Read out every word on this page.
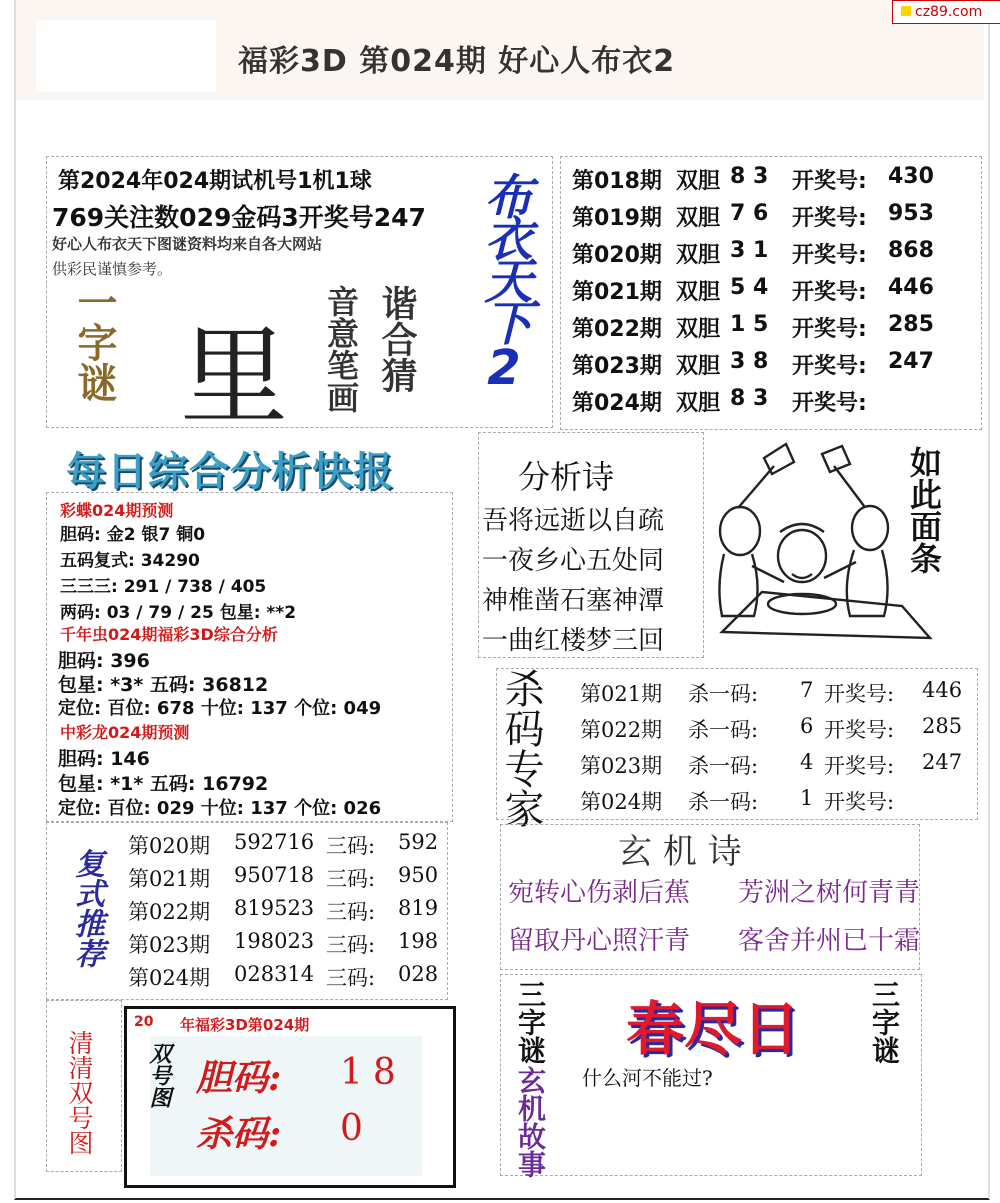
福彩3D 第024期 好心人布衣2
cz89.com
第2024年024期试机号1机1球
769关注数029金码3开奖号247
好心人布衣天下图谜资料均来自各大网站
供彩民谨慎参考。
一字谜 里 谐合猜
音意笔画 布衣天下2	第018期 双胆 8 3 开奖号: 430
第019期 双胆 7 6 开奖号: 953
第020期 双胆 3 1 开奖号: 868
第021期 双胆 5 4 开奖号: 446
第022期 双胆 1 5 开奖号: 285
第023期 双胆 3 8 开奖号: 247
第024期 双胆 8 3 开奖号:
每日综合分析快报
彩蝶024期预测
胆码: 金2 银7 铜0
五码复式: 34290
三三三: 291 / 738 / 405
两码: 03 / 79 / 25 包星: **2
千年虫024期福彩3D综合分析
胆码: 396
包星: *3* 五码: 36812
定位: 百位: 678 十位: 137 个位: 049
中彩龙024期预测
胆码: 146
包星: *1* 五码: 16792
定位: 百位: 029 十位: 137 个位: 026
分析诗
吾将远逝以自疏
一夜乡心五处同
神椎凿石塞神潭
一曲红楼梦三回
如此面条
杀码专家 第021期 杀一码: 7 开奖号: 446
第022期 杀一码: 6 开奖号: 285
第023期 杀一码: 4 开奖号: 247
第024期 杀一码: 1 开奖号:
复式推荐
第020期 592716 三码: 592
第021期 950718 三码: 950
第022期 819523 三码: 819
第023期 198023 三码: 198
第024期 028314 三码: 028
玄 机 诗
宛转心伤剥后蕉
留取丹心照汗青
芳洲之树何青青
客舍并州已十霜
清清双号图
20 年福彩3D第024期
双号图 胆码: 18
杀码: 0
三字谜
玄机故事
春尽日 三字谜
什么河不能过?
